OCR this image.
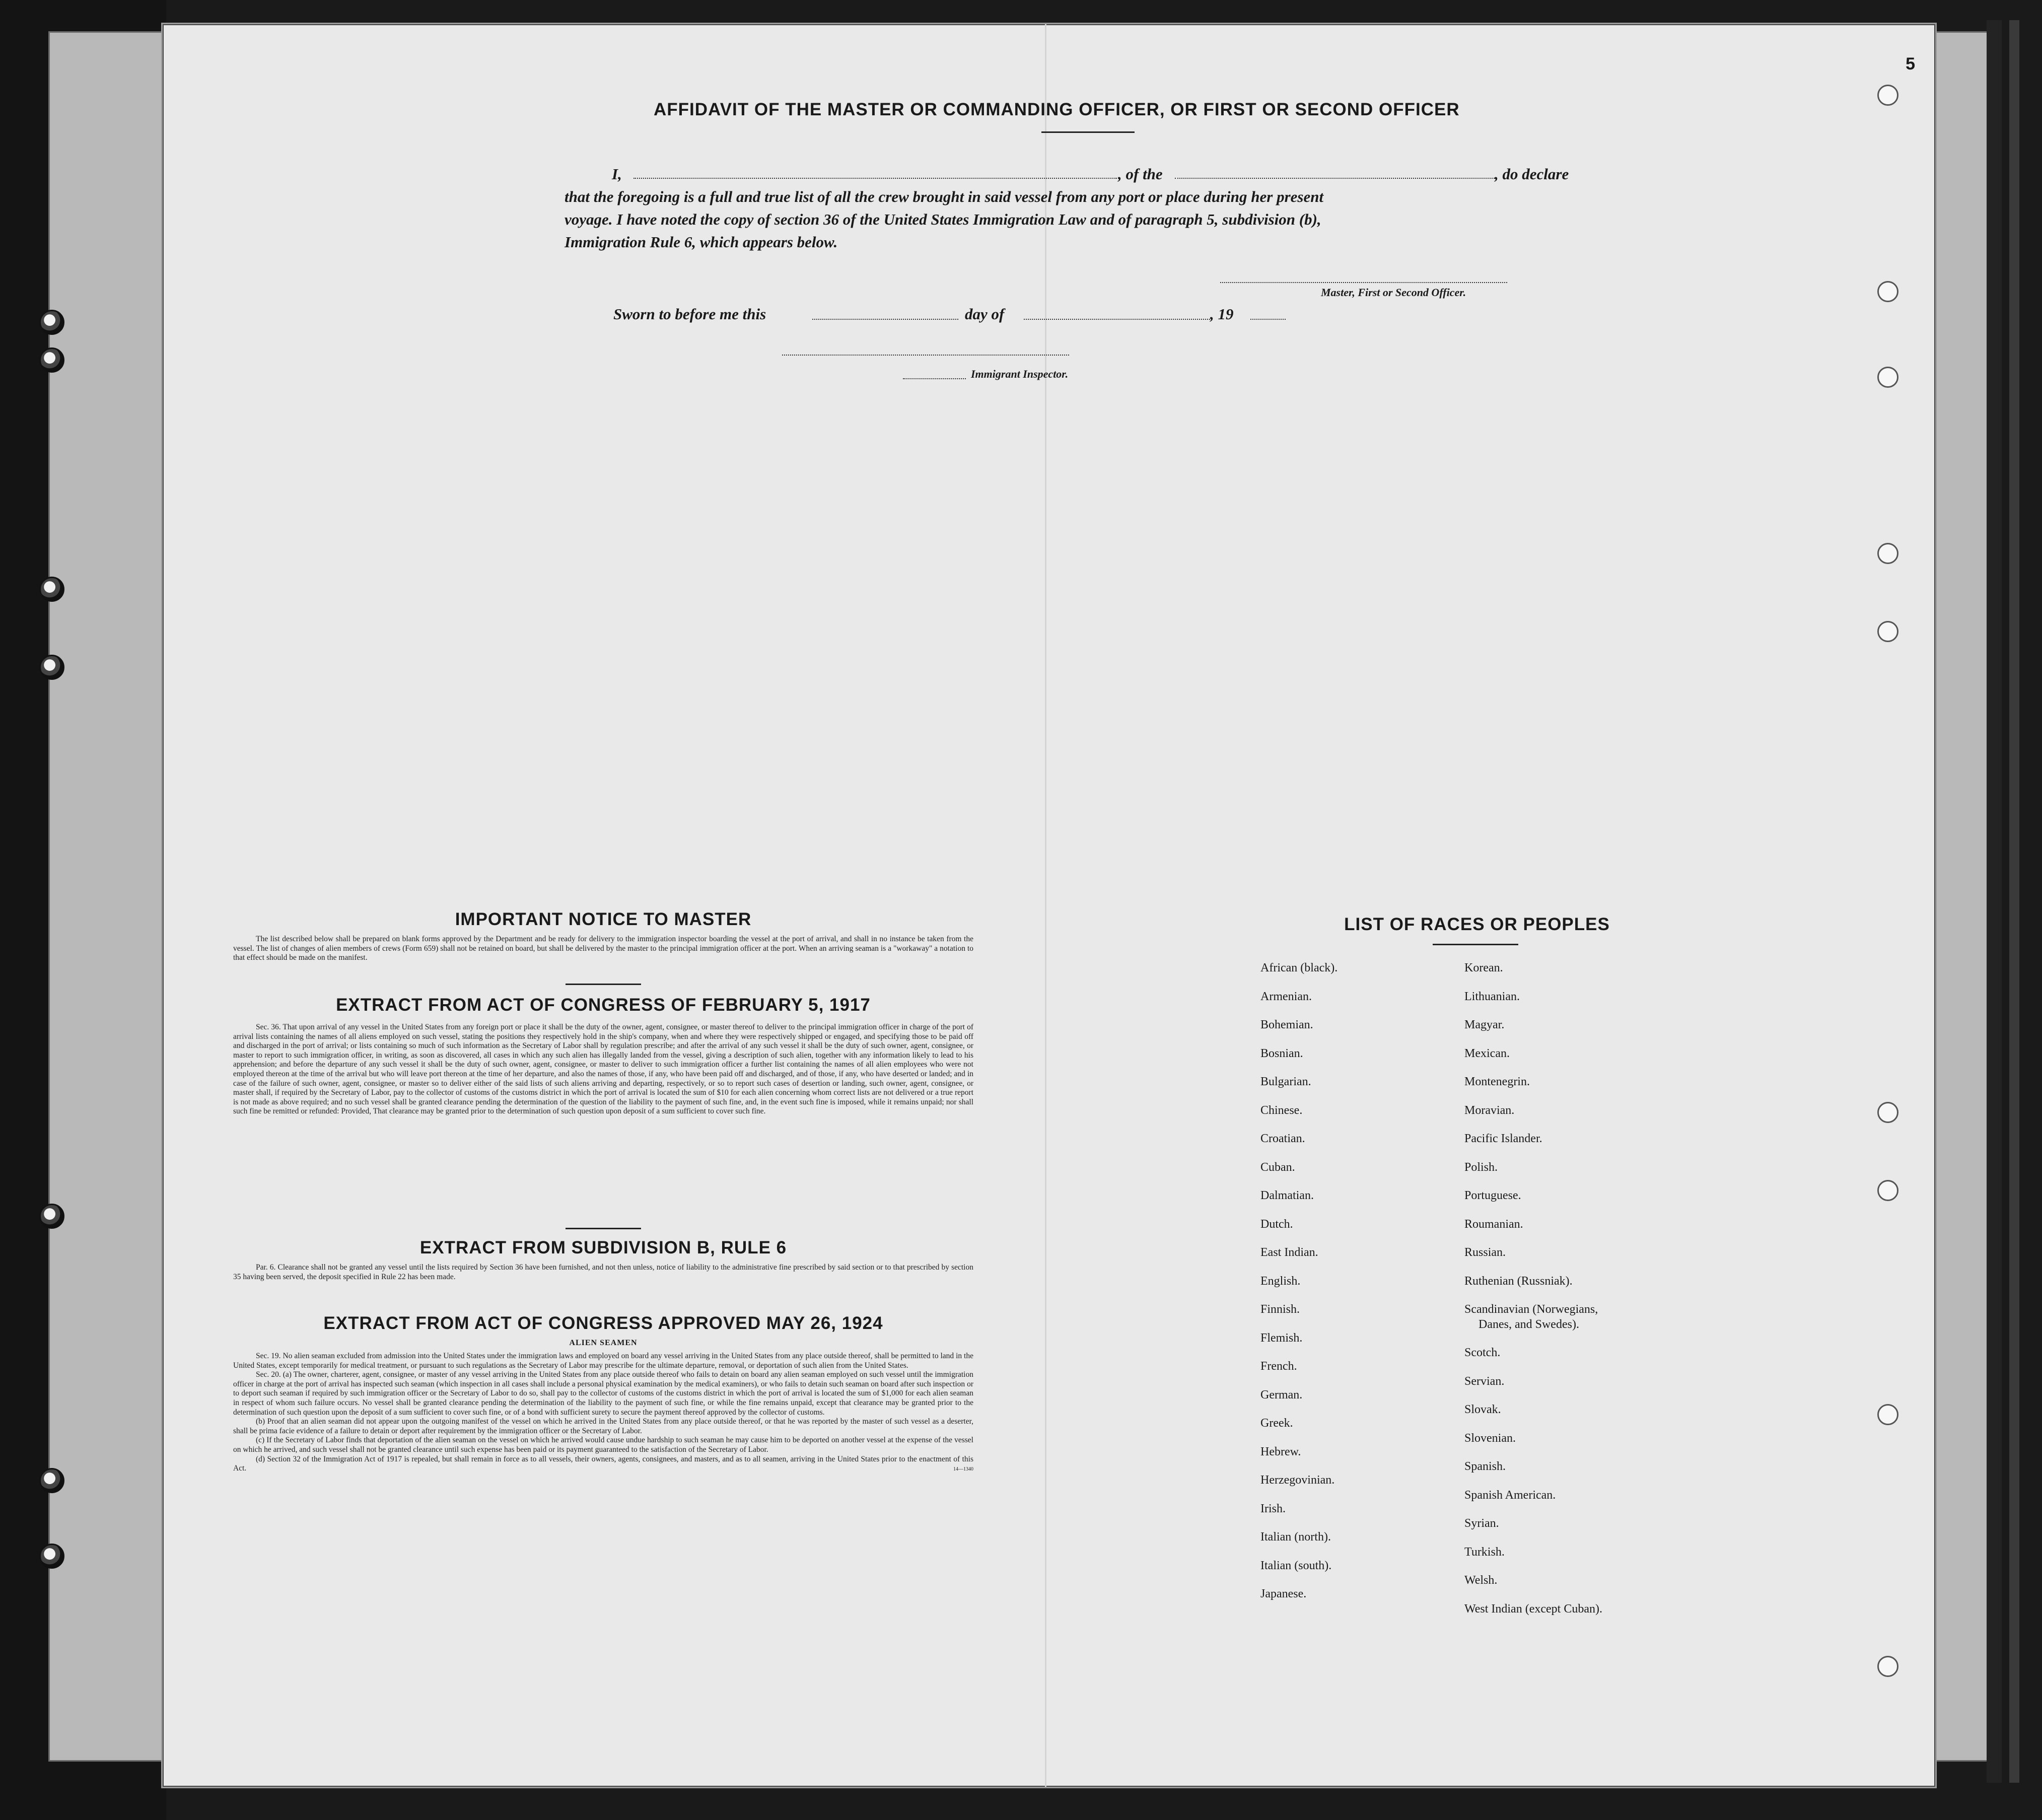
5
AFFIDAVIT OF THE MASTER OR COMMANDING OFFICER, OR FIRST OR SECOND OFFICER
I,	, of the	, do declare
that the foregoing is a full and true list of all the crew brought in said vessel from any port or place during her present
voyage. I have noted the copy of section 36 of the United States Immigration Law and of paragraph 5, subdivision (b),
Immigration Rule 6, which appears below.
Master, First or Second Officer.
Sworn to before me this	day of	, 19
Immigrant Inspector.
IMPORTANT NOTICE TO MASTER
The list described below shall be prepared on blank forms approved by the Department and be ready for delivery to the immigration inspector boarding the vessel at the port of arrival, and shall in no instance be taken from the vessel. The list of changes of alien members of crews (Form 659) shall not be retained on board, but shall be delivered by the master to the principal immigration officer at the port. When an arriving seaman is a "workaway" a notation to that effect should be made on the manifest.
EXTRACT FROM ACT OF CONGRESS OF FEBRUARY 5, 1917
Sec. 36. That upon arrival of any vessel in the United States from any foreign port or place it shall be the duty of the owner, agent, consignee, or master thereof to deliver to the principal immigration officer in charge of the port of arrival lists containing the names of all aliens employed on such vessel, stating the positions they respectively hold in the ship's company, when and where they were respectively shipped or engaged, and specifying those to be paid off and discharged in the port of arrival; or lists containing so much of such information as the Secretary of Labor shall by regulation prescribe; and after the arrival of any such vessel it shall be the duty of such owner, agent, consignee, or master to report to such immigration officer, in writing, as soon as discovered, all cases in which any such alien has illegally landed from the vessel, giving a description of such alien, together with any information likely to lead to his apprehension; and before the departure of any such vessel it shall be the duty of such owner, agent, consignee, or master to deliver to such immigration officer a further list containing the names of all alien employees who were not employed thereon at the time of the arrival but who will leave port thereon at the time of her departure, and also the names of those, if any, who have been paid off and discharged, and of those, if any, who have deserted or landed; and in case of the failure of such owner, agent, consignee, or master so to deliver either of the said lists of such aliens arriving and departing, respectively, or so to report such cases of desertion or landing, such owner, agent, consignee, or master shall, if required by the Secretary of Labor, pay to the collector of customs of the customs district in which the port of arrival is located the sum of $10 for each alien concerning whom correct lists are not delivered or a true report is not made as above required; and no such vessel shall be granted clearance pending the determination of the question of the liability to the payment of such fine, and, in the event such fine is imposed, while it remains unpaid; nor shall such fine be remitted or refunded: Provided, That clearance may be granted prior to the determination of such question upon deposit of a sum sufficient to cover such fine.
EXTRACT FROM SUBDIVISION B, RULE 6
Par. 6. Clearance shall not be granted any vessel until the lists required by Section 36 have been furnished, and not then unless, notice of liability to the administrative fine prescribed by said section or to that prescribed by section 35 having been served, the deposit specified in Rule 22 has been made.
EXTRACT FROM ACT OF CONGRESS APPROVED MAY 26, 1924
ALIEN SEAMEN
Sec. 19. No alien seaman excluded from admission into the United States under the immigration laws and employed on board any vessel arriving in the United States from any place outside thereof, shall be permitted to land in the United States, except temporarily for medical treatment, or pursuant to such regulations as the Secretary of Labor may prescribe for the ultimate departure, removal, or deportation of such alien from the United States.
Sec. 20. (a) The owner, charterer, agent, consignee, or master of any vessel arriving in the United States from any place outside thereof who fails to detain on board any alien seaman employed on such vessel until the immigration officer in charge at the port of arrival has inspected such seaman (which inspection in all cases shall include a personal physical examination by the medical examiners), or who fails to detain such seaman on board after such inspection or to deport such seaman if required by such immigration officer or the Secretary of Labor to do so, shall pay to the collector of customs of the customs district in which the port of arrival is located the sum of $1,000 for each alien seaman in respect of whom such failure occurs. No vessel shall be granted clearance pending the determination of the liability to the payment of such fine, or while the fine remains unpaid, except that clearance may be granted prior to the determination of such question upon the deposit of a sum sufficient to cover such fine, or of a bond with sufficient surety to secure the payment thereof approved by the collector of customs.
(b) Proof that an alien seaman did not appear upon the outgoing manifest of the vessel on which he arrived in the United States from any place outside thereof, or that he was reported by the master of such vessel as a deserter, shall be prima facie evidence of a failure to detain or deport after requirement by the immigration officer or the Secretary of Labor.
(c) If the Secretary of Labor finds that deportation of the alien seaman on the vessel on which he arrived would cause undue hardship to such seaman he may cause him to be deported on another vessel at the expense of the vessel on which he arrived, and such vessel shall not be granted clearance until such expense has been paid or its payment guaranteed to the satisfaction of the Secretary of Labor.
(d) Section 32 of the Immigration Act of 1917 is repealed, but shall remain in force as to all vessels, their owners, agents, consignees, and masters, and as to all seamen, arriving in the United States prior to the enactment of this Act.	14—1340
LIST OF RACES OR PEOPLES
African (black).
Armenian.
Bohemian.
Bosnian.
Bulgarian.
Chinese.
Croatian.
Cuban.
Dalmatian.
Dutch.
East Indian.
English.
Finnish.
Flemish.
French.
German.
Greek.
Hebrew.
Herzegovinian.
Irish.
Italian (north).
Italian (south).
Japanese.
Korean.
Lithuanian.
Magyar.
Mexican.
Montenegrin.
Moravian.
Pacific Islander.
Polish.
Portuguese.
Roumanian.
Russian.
Ruthenian (Russniak).
Scandinavian (Norwegians,
Danes, and Swedes).
Scotch.
Servian.
Slovak.
Slovenian.
Spanish.
Spanish American.
Syrian.
Turkish.
Welsh.
West Indian (except Cuban).
